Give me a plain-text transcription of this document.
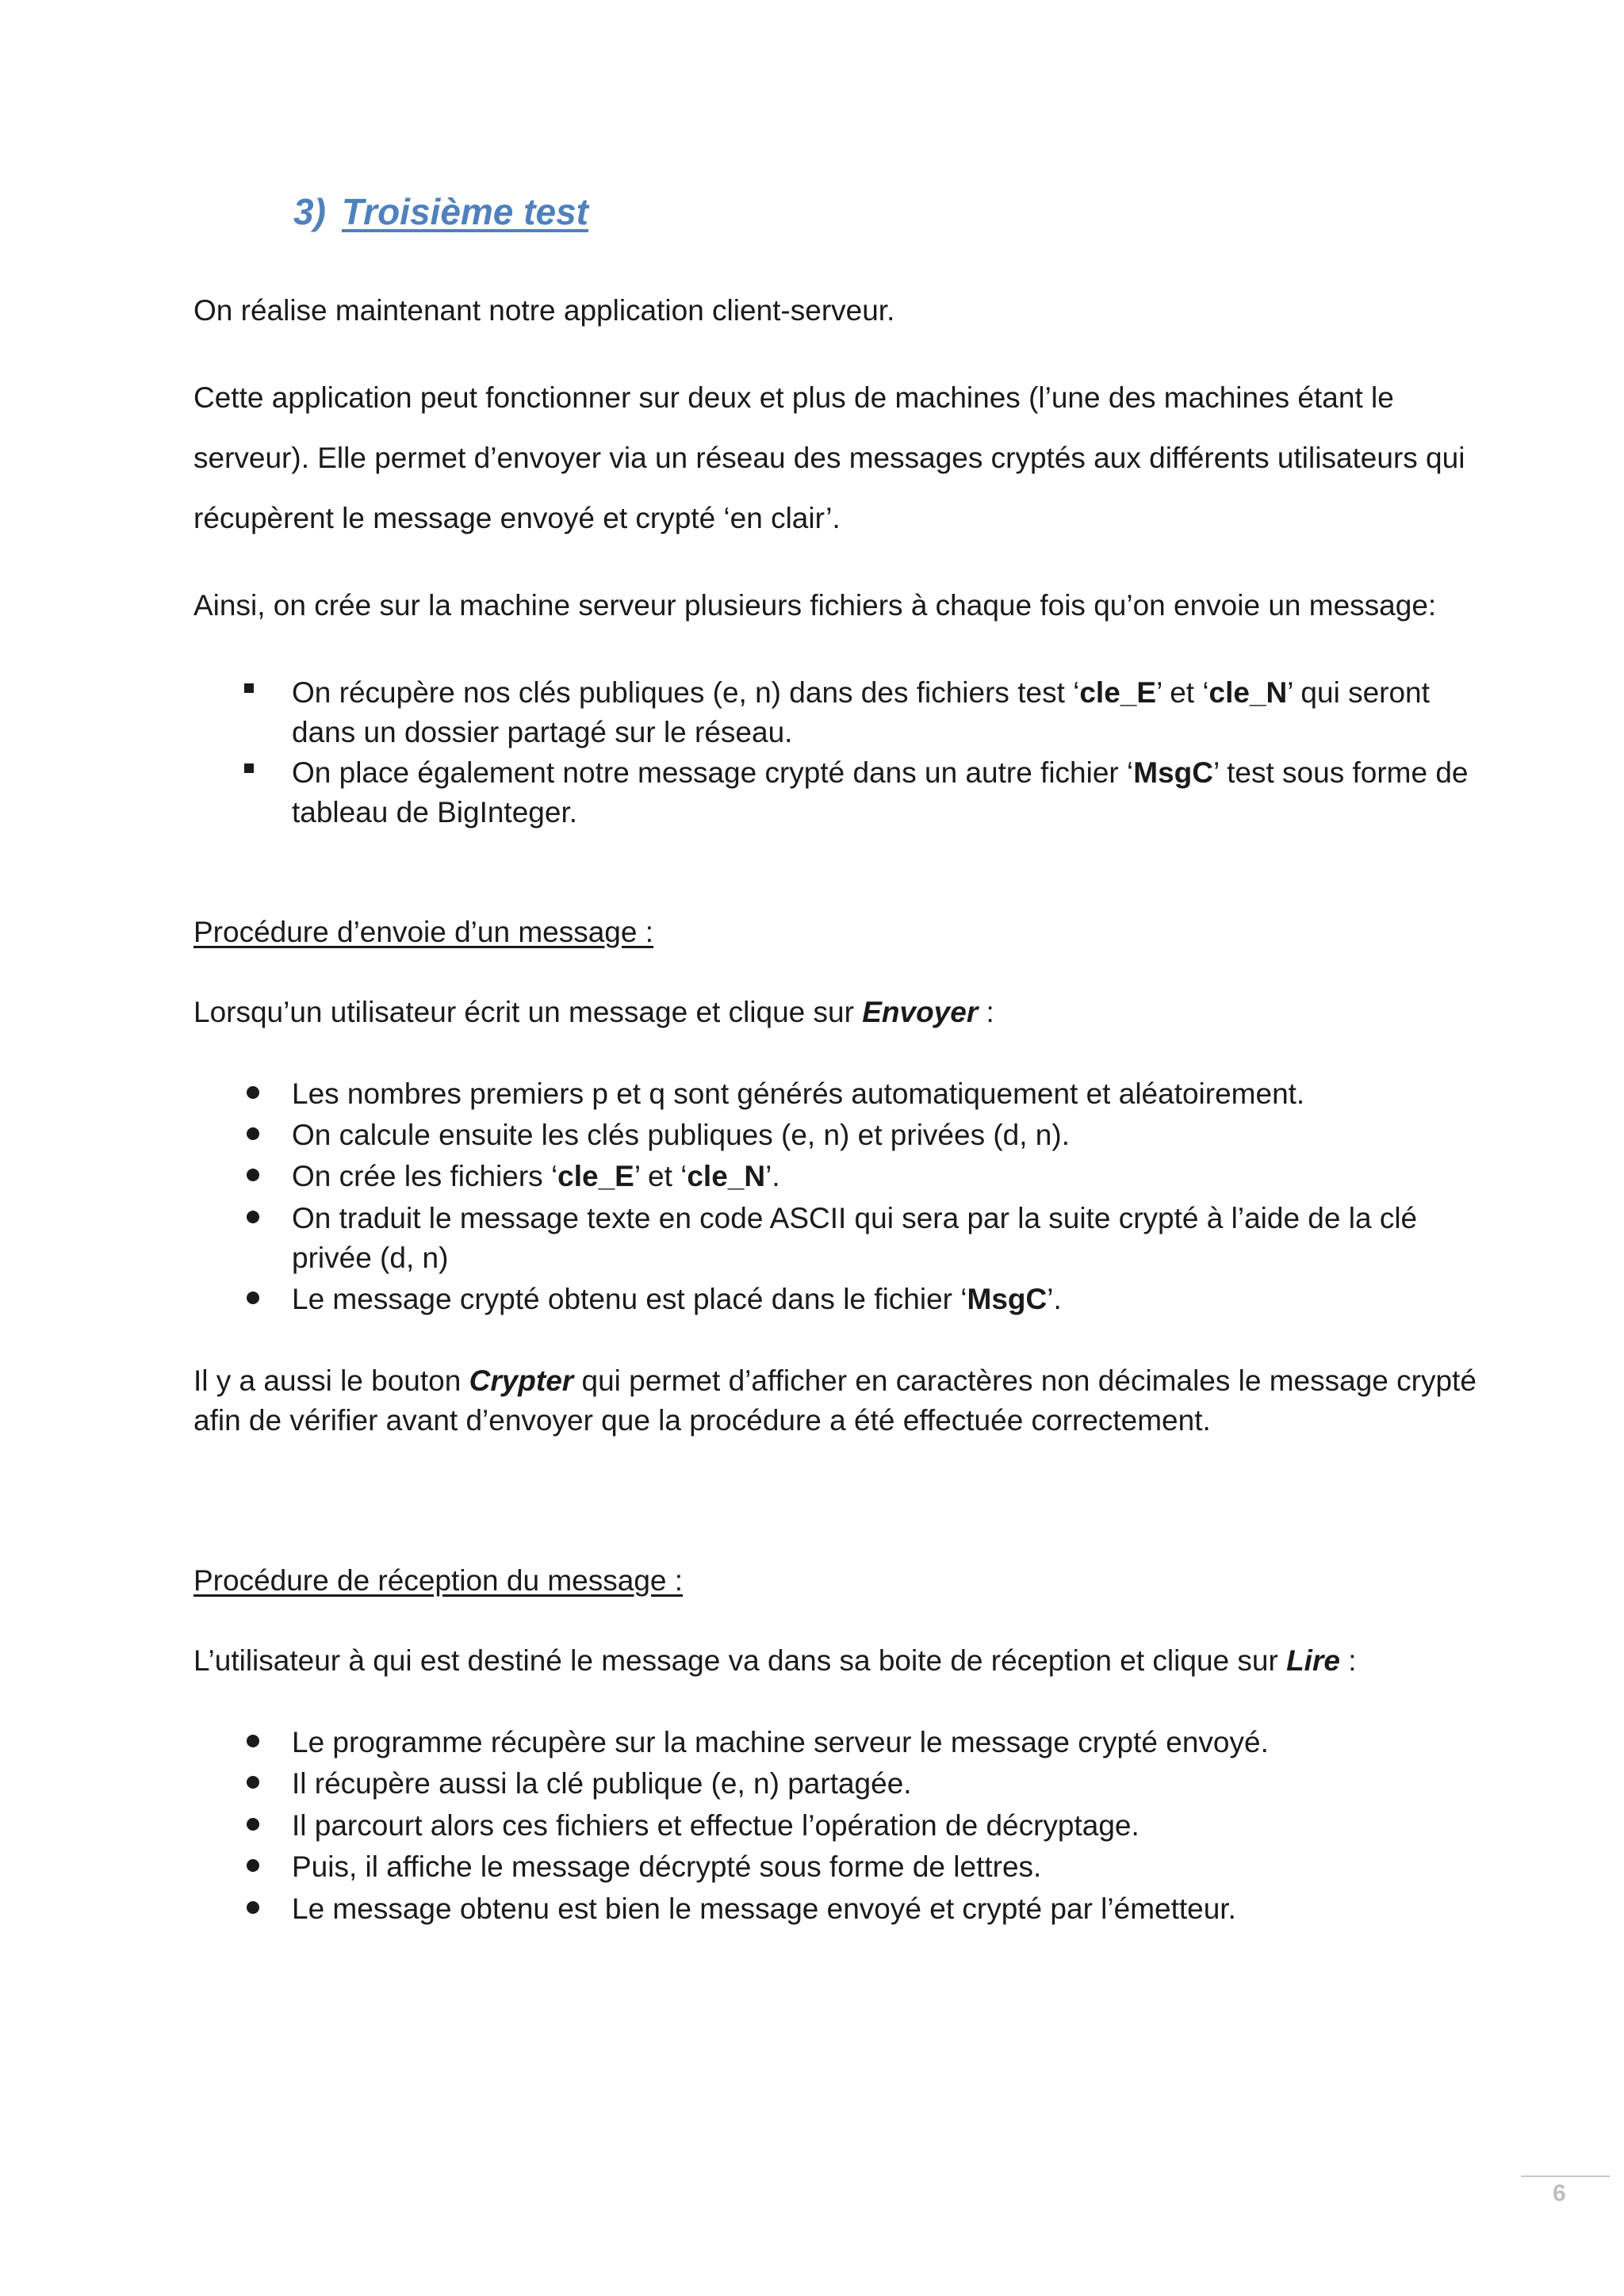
3) Troisième test
On réalise maintenant notre application client-serveur.
Cette application peut fonctionner sur deux et plus de machines (l’une des machines étant le
serveur). Elle permet d’envoyer via un réseau des messages cryptés aux différents utilisateurs qui
récupèrent le message envoyé et crypté ‘en clair’.
Ainsi, on crée sur la machine serveur plusieurs fichiers à chaque fois qu’on envoie un message:
On récupère nos clés publiques (e, n) dans des fichiers test ‘cle_E’ et ‘cle_N’ qui seront
dans un dossier partagé sur le réseau.
On place également notre message crypté dans un autre fichier ‘MsgC’ test sous forme de
tableau de BigInteger.
Procédure d’envoie d’un message :
Lorsqu’un utilisateur écrit un message et clique sur Envoyer :
Les nombres premiers p et q sont générés automatiquement et aléatoirement.
On calcule ensuite les clés publiques (e, n) et privées (d, n).
On crée les fichiers ‘cle_E’ et ‘cle_N’.
On traduit le message texte en code ASCII qui sera par la suite crypté à l’aide de la clé
privée (d, n)
Le message crypté obtenu est placé dans le fichier ‘MsgC’.
Il y a aussi le bouton Crypter qui permet d’afficher en caractères non décimales le message crypté
afin de vérifier avant d’envoyer que la procédure a été effectuée correctement.
Procédure de réception du message :
L’utilisateur à qui est destiné le message va dans sa boite de réception et clique sur Lire :
Le programme récupère sur la machine serveur le message crypté envoyé.
Il récupère aussi la clé publique (e, n) partagée.
Il parcourt alors ces fichiers et effectue l’opération de décryptage.
Puis, il affiche le message décrypté sous forme de lettres.
Le message obtenu est bien le message envoyé et crypté par l’émetteur.
6
